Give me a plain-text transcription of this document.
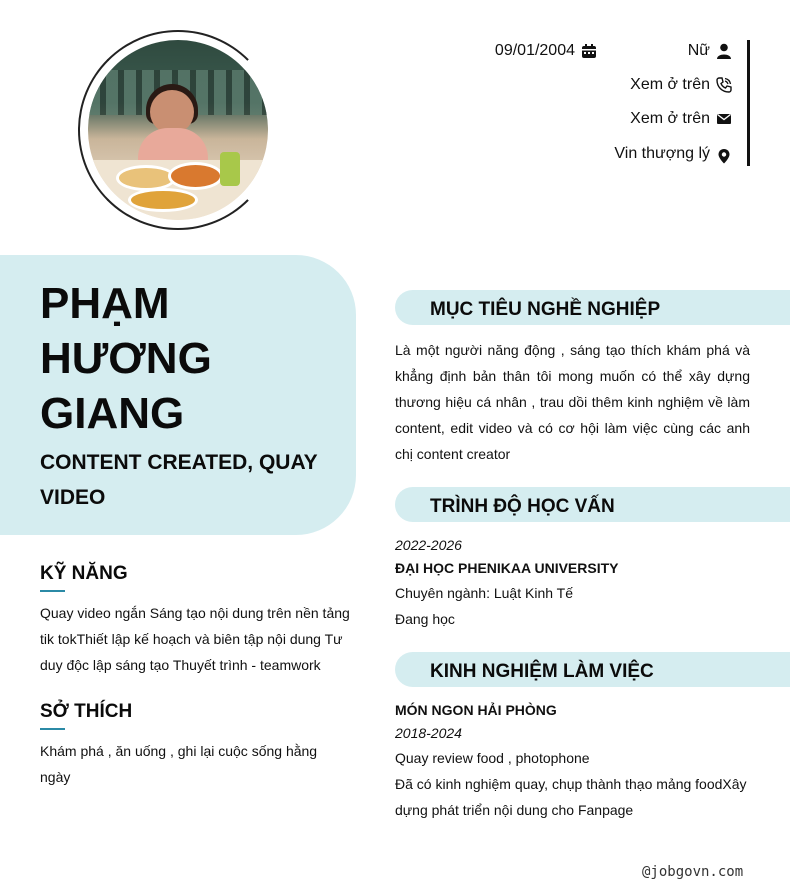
09/01/2004	Nữ
Xem ở trên
Xem ở trên
Vin thượng lý
PHẠM HƯƠNG GIANG
CONTENT CREATED, QUAY VIDEO
KỸ NĂNG
Quay video ngắn Sáng tạo nội dung trên nền tảng tik tokThiết lập kế hoạch và biên tập nội dung Tư duy độc lập sáng tạo Thuyết trình - teamwork
SỞ THÍCH
Khám phá , ăn uống , ghi lại cuộc sống hằng ngày
MỤC TIÊU NGHỀ NGHIỆP
Là một người năng động , sáng tạo thích khám phá và khẳng định bản thân tôi mong muốn có thể xây dựng thương hiệu cá nhân , trau dồi thêm kinh nghiệm về làm content, edit video và có cơ hội làm việc cùng các anh chị content creator
TRÌNH ĐỘ HỌC VẤN
2022-2026
ĐẠI HỌC PHENIKAA UNIVERSITY
Chuyên ngành: Luật Kinh Tế
Đang học
KINH NGHIỆM LÀM VIỆC
MÓN NGON HẢI PHÒNG
2018-2024
Quay review food , photophone
Đã có kinh nghiệm quay, chụp thành thạo mảng foodXây dựng phát triển nội dung cho Fanpage
@jobgovn.com
